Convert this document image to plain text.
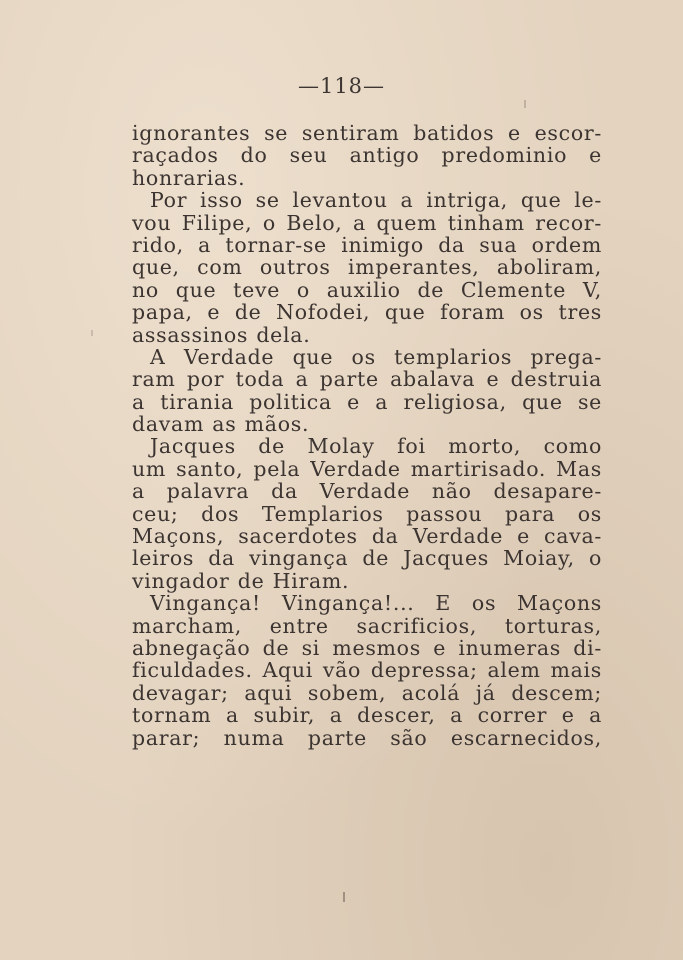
—118—
ignorantes se sentiram batidos e escor-
raçados do seu antigo predominio e
honrarias.
Por isso se levantou a intriga, que le-
vou Filipe, o Belo, a quem tinham recor-
rido, a tornar-se inimigo da sua ordem
que, com outros imperantes, aboliram,
no que teve o auxilio de Clemente V,
papa, e de Nofodei, que foram os tres
assassinos dela.
A Verdade que os templarios prega-
ram por toda a parte abalava e destruia
a tirania politica e a religiosa, que se
davam as mãos.
Jacques de Molay foi morto, como
um santo, pela Verdade martirisado. Mas
a palavra da Verdade não desapare-
ceu; dos Templarios passou para os
Maçons, sacerdotes da Verdade e cava-
leiros da vingança de Jacques Moiay, o
vingador de Hiram.
Vingança! Vingança!... E os Maçons
marcham, entre sacrificios, torturas,
abnegação de si mesmos e inumeras di-
ficuldades. Aqui vão depressa; alem mais
devagar; aqui sobem, acolá já descem;
tornam a subir, a descer, a correr e a
parar; numa parte são escarnecidos,
